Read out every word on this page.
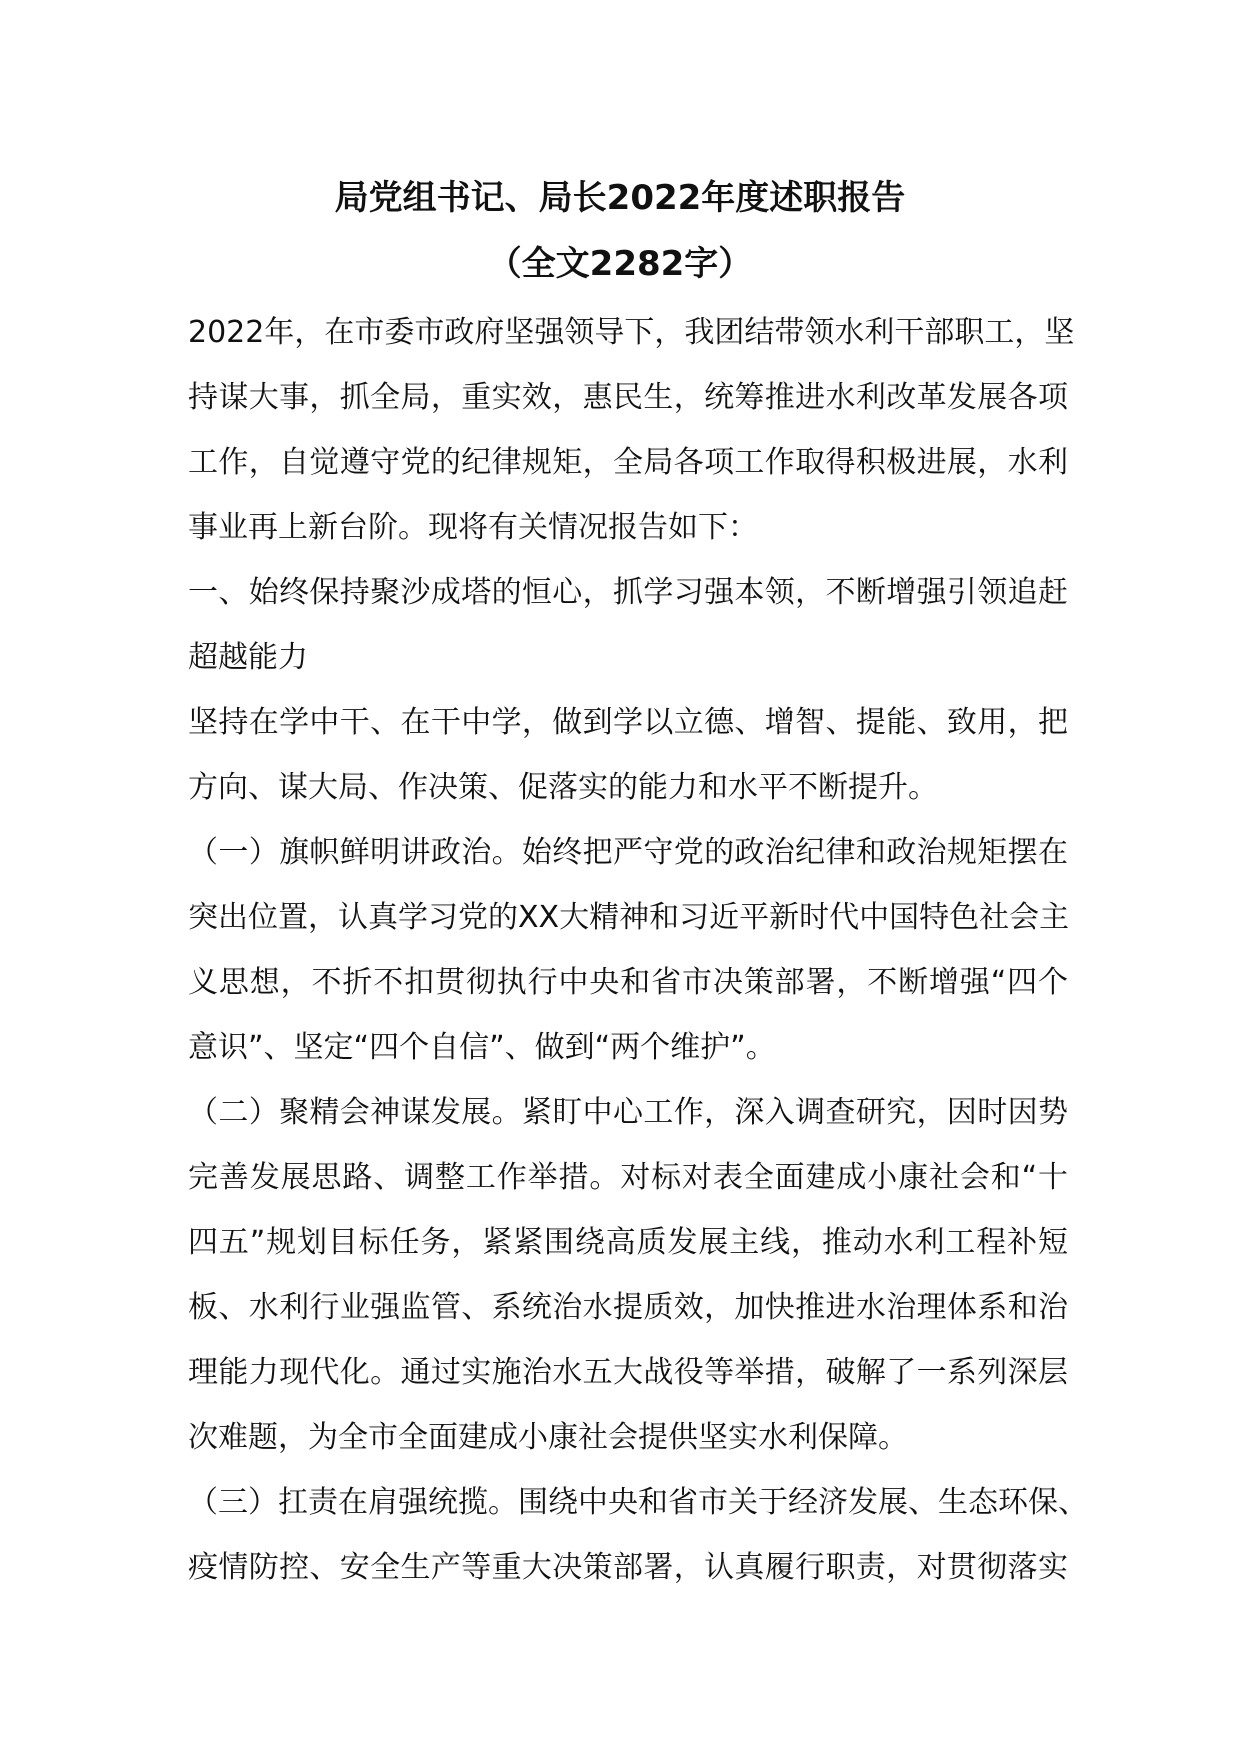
局党组书记、局长2022年度述职报告
（全文2282字）
2022年，在市委市政府坚强领导下，我团结带领水利干部职工，坚
持谋大事，抓全局，重实效，惠民生，统筹推进水利改革发展各项
工作，自觉遵守党的纪律规矩，全局各项工作取得积极进展，水利
事业再上新台阶。现将有关情况报告如下：
一、始终保持聚沙成塔的恒心，抓学习强本领，不断增强引领追赶
超越能力
坚持在学中干、在干中学，做到学以立德、增智、提能、致用，把
方向、谋大局、作决策、促落实的能力和水平不断提升。
（一）旗帜鲜明讲政治。始终把严守党的政治纪律和政治规矩摆在
突出位置，认真学习党的XX大精神和习近平新时代中国特色社会主
义思想，不折不扣贯彻执行中央和省市决策部署，不断增强“四个
意识”、坚定“四个自信”、做到“两个维护”。
（二）聚精会神谋发展。紧盯中心工作，深入调查研究，因时因势
完善发展思路、调整工作举措。对标对表全面建成小康社会和“十
四五”规划目标任务，紧紧围绕高质发展主线，推动水利工程补短
板、水利行业强监管、系统治水提质效，加快推进水治理体系和治
理能力现代化。通过实施治水五大战役等举措，破解了一系列深层
次难题，为全市全面建成小康社会提供坚实水利保障。
（三）扛责在肩强统揽。围绕中央和省市关于经济发展、生态环保、
疫情防控、安全生产等重大决策部署，认真履行职责，对贯彻落实
